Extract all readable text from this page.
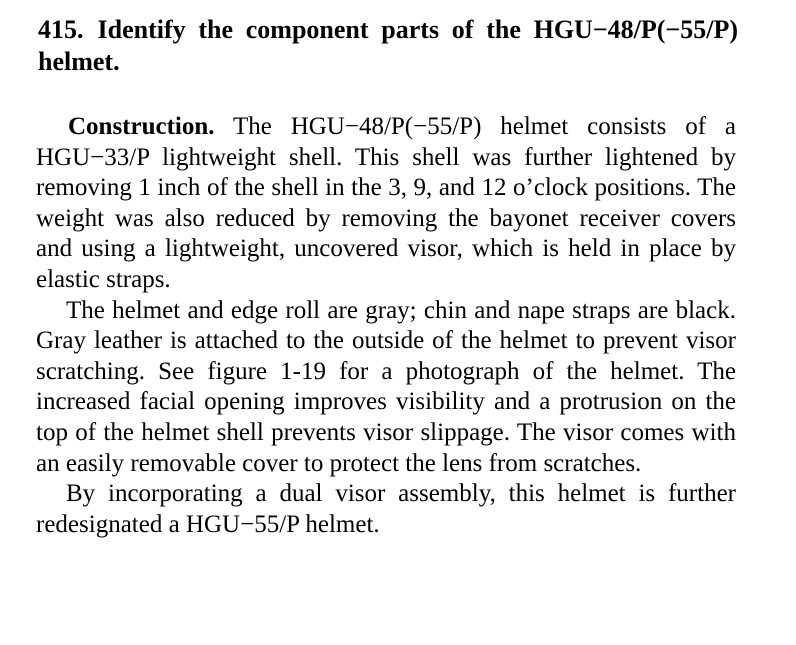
415. Identify the component parts of the HGU−48/P(−55/P) helmet.

Construction. The HGU−48/P(−55/P) helmet consists of a HGU−33/P lightweight shell. This shell was further lightened by removing 1 inch of the shell in the 3, 9, and 12 o’clock positions. The weight was also reduced by removing the bayonet receiver covers and using a lightweight, uncovered visor, which is held in place by elastic straps.

The helmet and edge roll are gray; chin and nape straps are black. Gray leather is attached to the outside of the helmet to prevent visor scratching. See figure 1-19 for a photograph of the helmet. The increased facial opening improves visibility and a protrusion on the top of the helmet shell prevents visor slippage. The visor comes with an easily removable cover to protect the lens from scratches.

By incorporating a dual visor assembly, this helmet is further redesignated a HGU−55/P helmet.
